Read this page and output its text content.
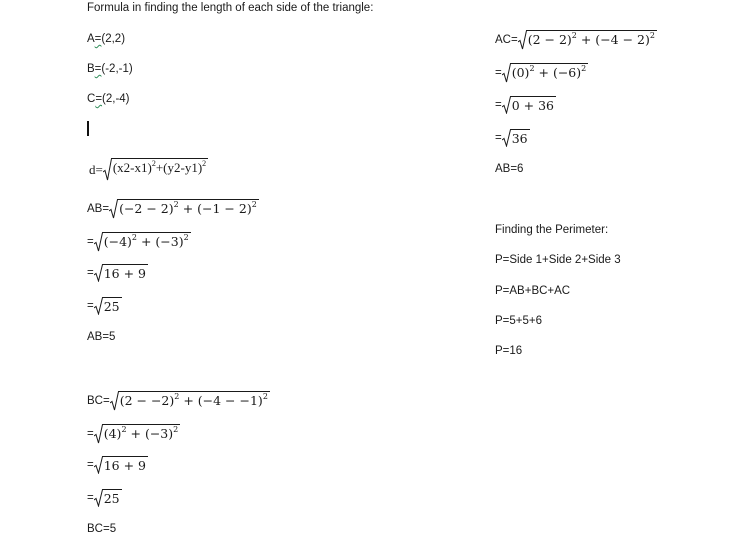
Formula in finding the length of each side of the triangle:
A=(2,2)
B=(-2,-1)
C=(2,-4)
$d= (x2-x1)^2+(y2-y1)^2$
$AB= (-2 - 2)^2 + (-1 - 2)^2$
= $(-4)^2 + (-3)^2$
= 16 + 9
= 25
AB=5
$BC= (2 - -2)^2 + (-4 - -1)^2$
= $(4)^2 + (-3)^2$
= 16 + 9
= 25
BC=5
$AC= (2 - 2)^2 + (-4 - 2)^2$
= $(0)^2 + (-6)^2$
= 0 + 36
= 36
AB=6
Finding the Perimeter:
P=Side 1+Side 2+Side 3
P=AB+BC+AC
P=5+5+6
P=16
